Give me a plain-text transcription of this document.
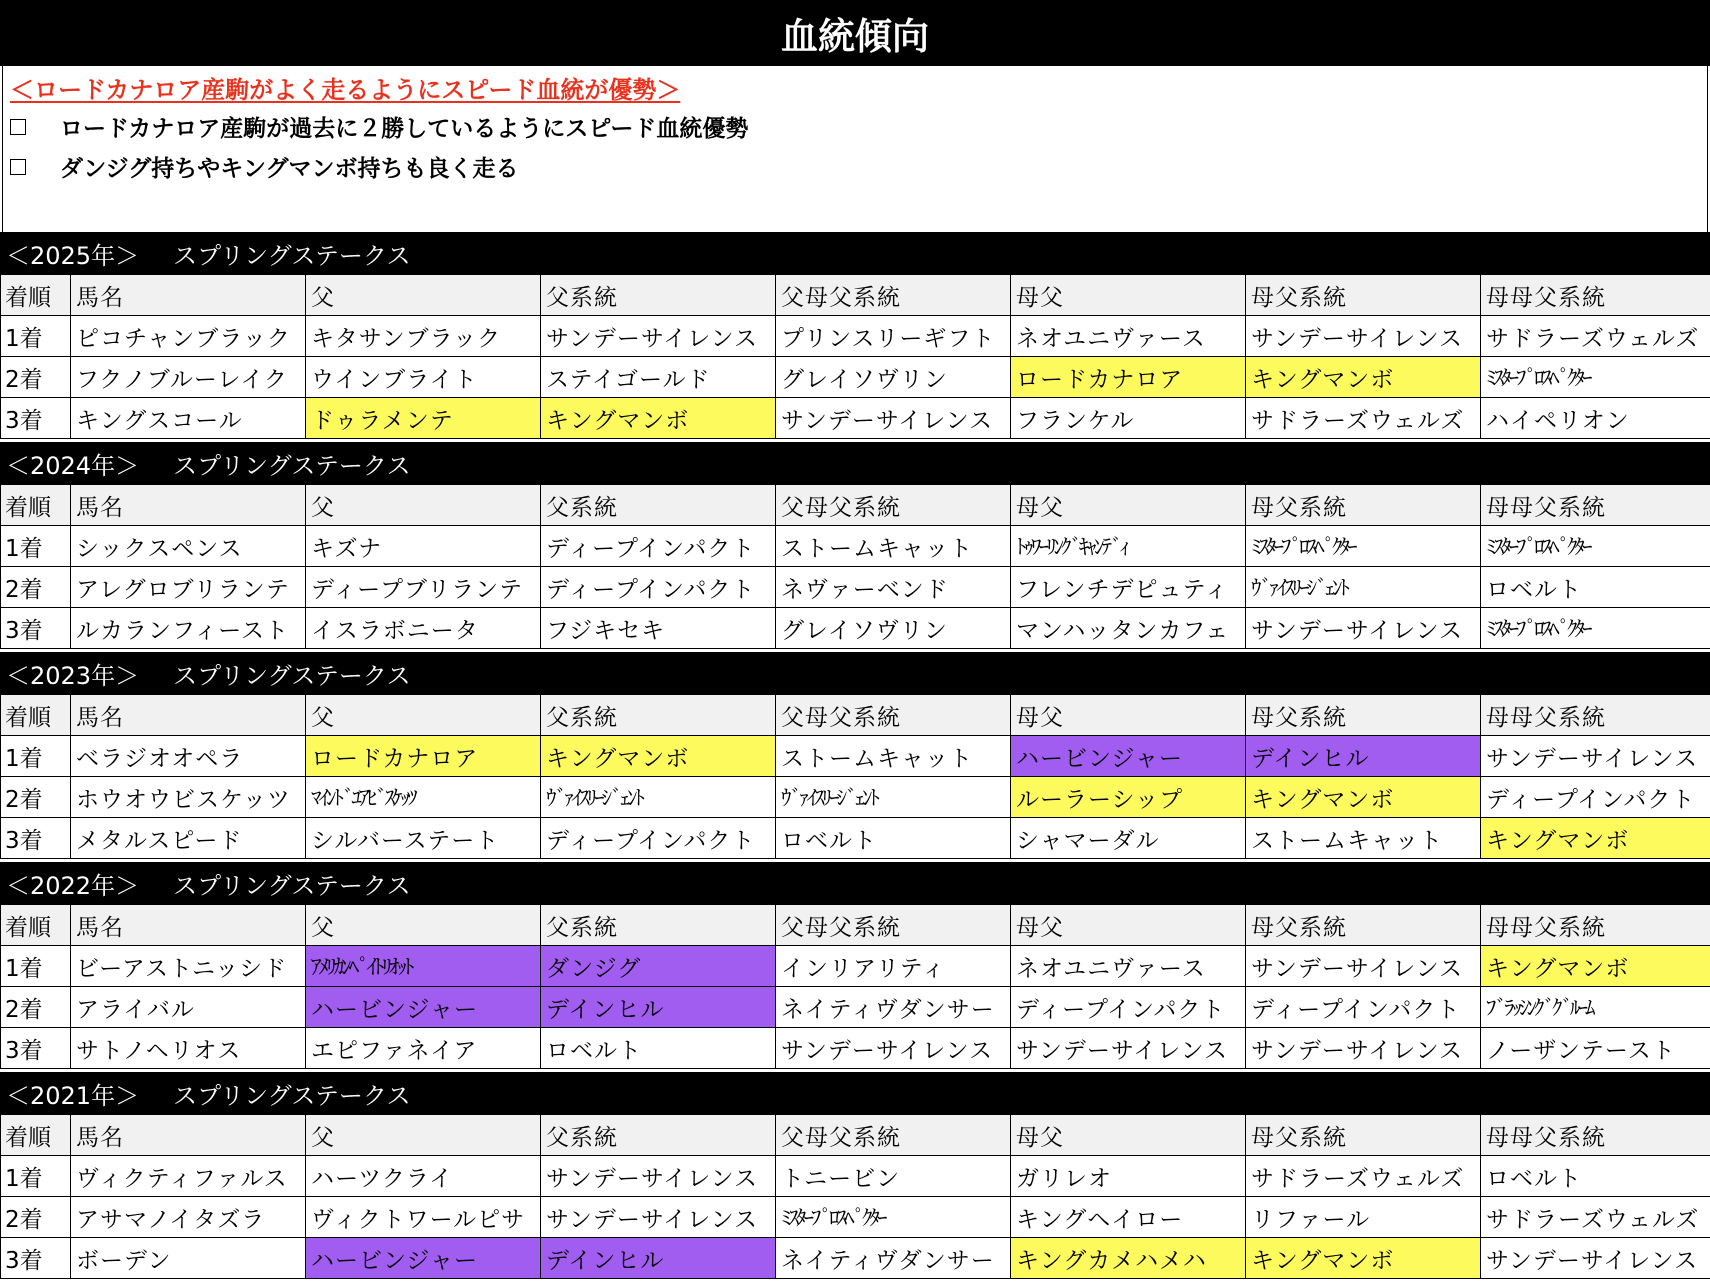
血統傾向
＜ロードカナロア産駒がよく走るようにスピード血統が優勢＞
ロードカナロア産駒が過去に２勝しているようにスピード血統優勢
ダンジグ持ちやキングマンボ持ちも良く走る
＜2025年＞ スプリングステークス
着順	馬名	父	父系統	父母父系統	母父	母父系統	母母父系統
1着	ピコチャンブラック	キタサンブラック	サンデーサイレンス	プリンスリーギフト	ネオユニヴァース	サンデーサイレンス	サドラーズウェルズ
2着	フクノブルーレイク	ウインブライト	ステイゴールド	グレイソヴリン	ロードカナロア	キングマンボ	ﾐｽﾀｰﾌﾟﾛｽﾍﾟｸﾀｰ
3着	キングスコール	ドゥラメンテ	キングマンボ	サンデーサイレンス	フランケル	サドラーズウェルズ	ハイペリオン
＜2024年＞ スプリングステークス
着順	馬名	父	父系統	父母父系統	母父	母父系統	母母父系統
1着	シックスペンス	キズナ	ディープインパクト	ストームキャット	ﾄｩﾜｰﾘﾝｸﾞｷｬﾝﾃﾞｨ	ﾐｽﾀｰﾌﾟﾛｽﾍﾟｸﾀｰ	ﾐｽﾀｰﾌﾟﾛｽﾍﾟｸﾀｰ
2着	アレグロブリランテ	ディープブリランテ	ディープインパクト	ネヴァーベンド	フレンチデピュティ	ｳﾞｧｲｽﾘｰｼﾞｪﾝﾄ	ロベルト
3着	ルカランフィースト	イスラボニータ	フジキセキ	グレイソヴリン	マンハッタンカフェ	サンデーサイレンス	ﾐｽﾀｰﾌﾟﾛｽﾍﾟｸﾀｰ
＜2023年＞ スプリングステークス
着順	馬名	父	父系統	父母父系統	母父	母父系統	母母父系統
1着	ベラジオオペラ	ロードカナロア	キングマンボ	ストームキャット	ハービンジャー	デインヒル	サンデーサイレンス
2着	ホウオウビスケッツ	ﾏｲﾝﾄﾞﾕｱﾋﾞｽｹｯﾂ	ｳﾞｧｲｽﾘｰｼﾞｪﾝﾄ	ｳﾞｧｲｽﾘｰｼﾞｪﾝﾄ	ルーラーシップ	キングマンボ	ディープインパクト
3着	メタルスピード	シルバーステート	ディープインパクト	ロベルト	シャマーダル	ストームキャット	キングマンボ
＜2022年＞ スプリングステークス
着順	馬名	父	父系統	父母父系統	母父	母父系統	母母父系統
1着	ビーアストニッシド	ｱﾒﾘｶﾝﾍﾟｲﾄﾘｵｯﾄ	ダンジグ	インリアリティ	ネオユニヴァース	サンデーサイレンス	キングマンボ
2着	アライバル	ハービンジャー	デインヒル	ネイティヴダンサー	ディープインパクト	ディープインパクト	ﾌﾞﾗｯｼﾝｸﾞｸﾞﾙｰﾑ
3着	サトノヘリオス	エピファネイア	ロベルト	サンデーサイレンス	サンデーサイレンス	サンデーサイレンス	ノーザンテースト
＜2021年＞ スプリングステークス
着順	馬名	父	父系統	父母父系統	母父	母父系統	母母父系統
1着	ヴィクティファルス	ハーツクライ	サンデーサイレンス	トニービン	ガリレオ	サドラーズウェルズ	ロベルト
2着	アサマノイタズラ	ヴィクトワールピサ	サンデーサイレンス	ﾐｽﾀｰﾌﾟﾛｽﾍﾟｸﾀｰ	キングヘイロー	リファール	サドラーズウェルズ
3着	ボーデン	ハービンジャー	デインヒル	ネイティヴダンサー	キングカメハメハ	キングマンボ	サンデーサイレンス
